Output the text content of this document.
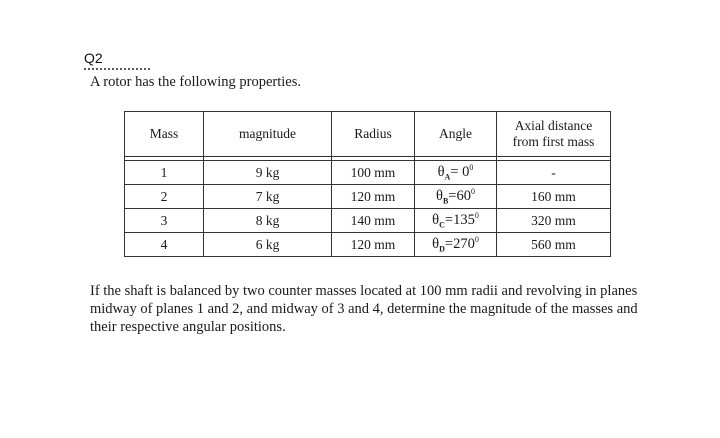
Q2
A rotor has the following properties.
Mass	magnitude	Radius	Angle	Axial distance
from first mass

1	9 kg	100 mm	$\theta_A= 0^0$	-
2	7 kg	120 mm	$\theta_B=60^0$	160 mm
3	8 kg	140 mm	$\theta_C=135^0$	320 mm
4	6 kg	120 mm	$\theta_D=270^0$	560 mm
If the shaft is balanced by two counter masses located at 100 mm radii and revolving in planes midway of planes 1 and 2, and midway of 3 and 4, determine the magnitude of the masses and their respective angular positions.
